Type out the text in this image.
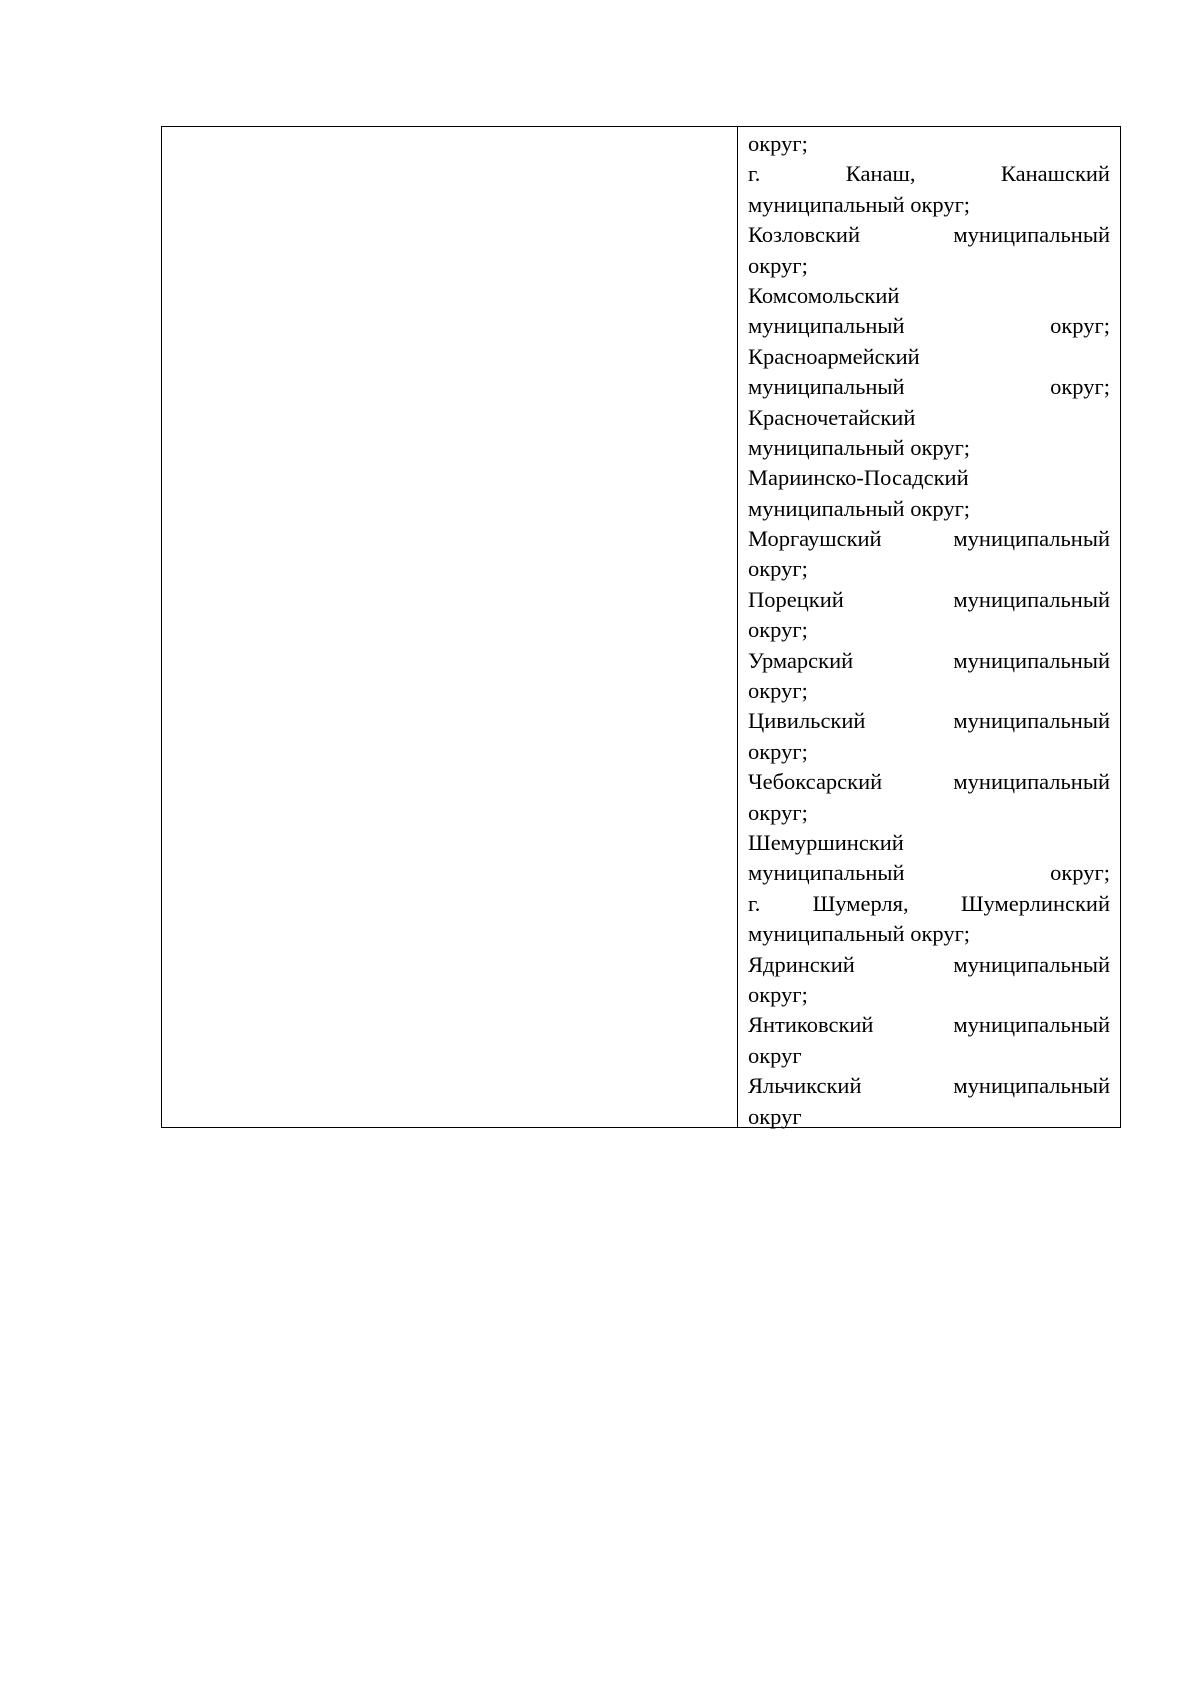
округ;
г.	Канаш,	Канашский
муниципальный округ;
Козловский	муниципальный
округ;
Комсомольский
муниципальный	округ;
Красноармейский
муниципальный	округ;
Красночетайский
муниципальный округ;
Мариинско-Посадский
муниципальный округ;
Моргаушский	муниципальный
округ;
Порецкий	муниципальный
округ;
Урмарский	муниципальный
округ;
Цивильский	муниципальный
округ;
Чебоксарский	муниципальный
округ;
Шемуршинский
муниципальный	округ;
г. Шумерля, Шумерлинский
муниципальный округ;
Ядринский	муниципальный
округ;
Янтиковский	муниципальный
округ
Яльчикский	муниципальный
округ
